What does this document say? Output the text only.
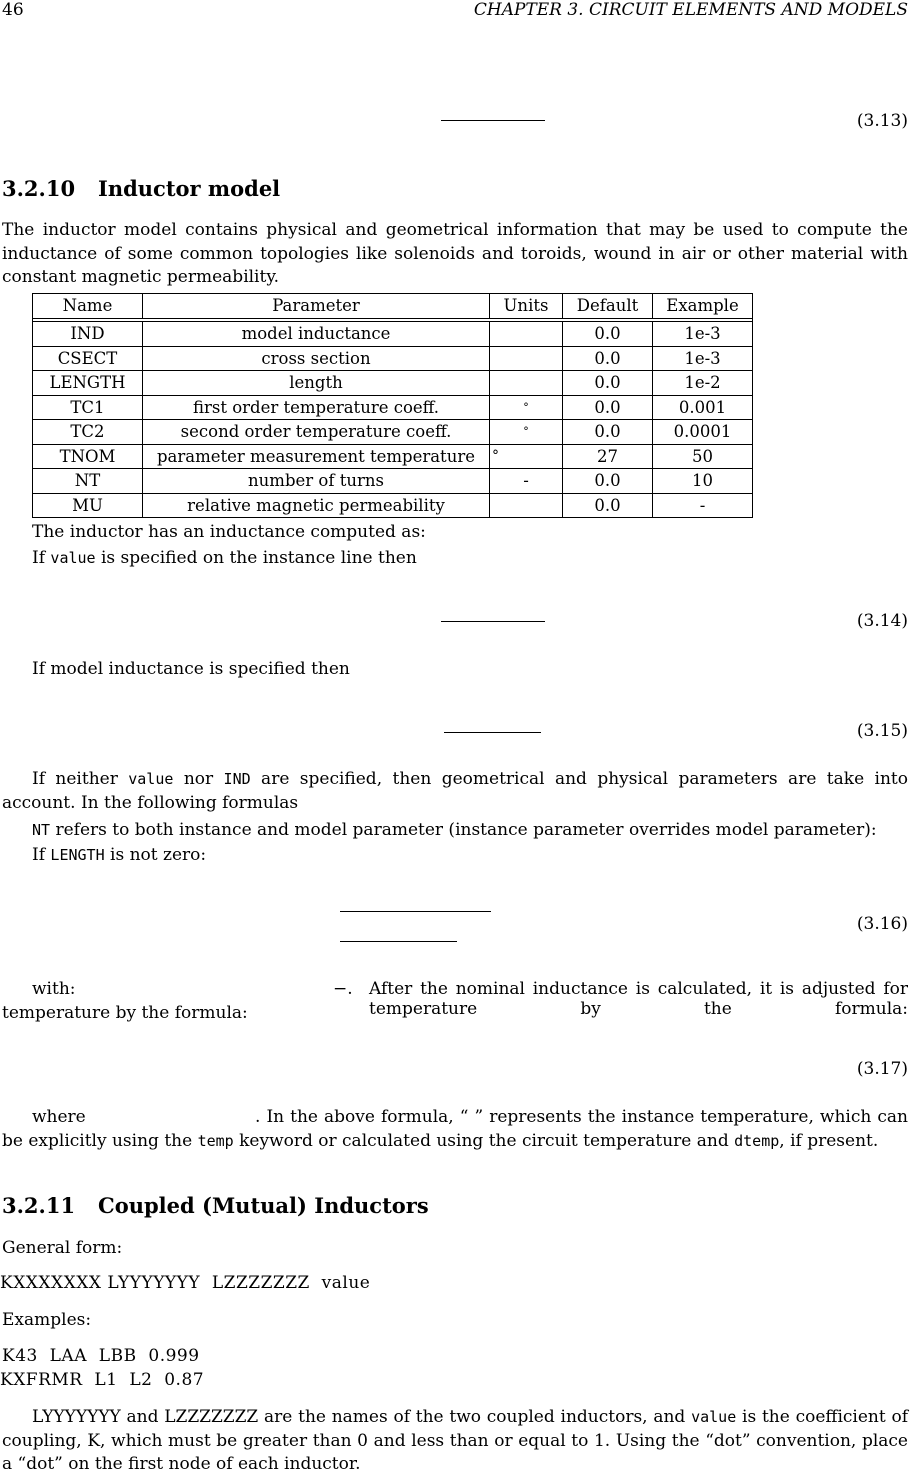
46	CHAPTER 3. CIRCUIT ELEMENTS AND MODELS
(3.13)
3.2.10 Inductor model
The inductor model contains physical and geometrical information that may be used to compute the inductance of some common topologies like solenoids and toroids, wound in air or other material with constant magnetic permeability.
Name	Parameter	Units	Default	Example

IND	model inductance		0.0	1e-3
CSECT	cross section		0.0	1e-3
LENGTH	length		0.0	1e-2
TC1	first order temperature coeff.	°	0.0	0.001
TC2	second order temperature coeff.	°	0.0	0.0001
TNOM	parameter measurement temperature	°	27	50
NT	number of turns	-	0.0	10
MU	relative magnetic permeability		0.0	-
The inductor has an inductance computed as:
If value is specified on the instance line then
(3.14)
If model inductance is specified then
(3.15)
If neither value nor IND are specified, then geometrical and physical parameters are take into account. In the following formulas
NT refers to both instance and model parameter (instance parameter overrides model parameter):
If LENGTH is not zero:
(3.16)
with:	−. After the nominal inductance is calculated, it is adjusted for temperature by the formula:
temperature by the formula:
(3.17)
where	. In the above formula, “ ” represents the instance temperature, which can
be explicitly using the temp keyword or calculated using the circuit temperature and dtemp, if present.
3.2.11 Coupled (Mutual) Inductors
General form:
KXXXXXXX LYYYYYYY  LZZZZZZZ  value
Examples:
K43  LAA  LBB  0.999
KXFRMR  L1  L2  0.87
LYYYYYYY and LZZZZZZZ are the names of the two coupled inductors, and value is the coefficient of coupling, K, which must be greater than 0 and less than or equal to 1. Using the “dot” convention, place a “dot” on the first node of each inductor.
